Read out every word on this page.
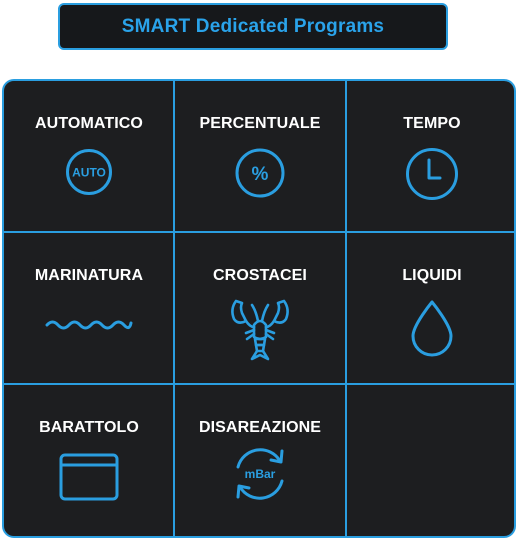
SMART Dedicated Programs
AUTOMATICO
AUTO
PERCENTUALE
%
TEMPO
MARINATURA	CROSTACEI	LIQUIDI
BARATTOLO	DISAREAZIONE
mBar
